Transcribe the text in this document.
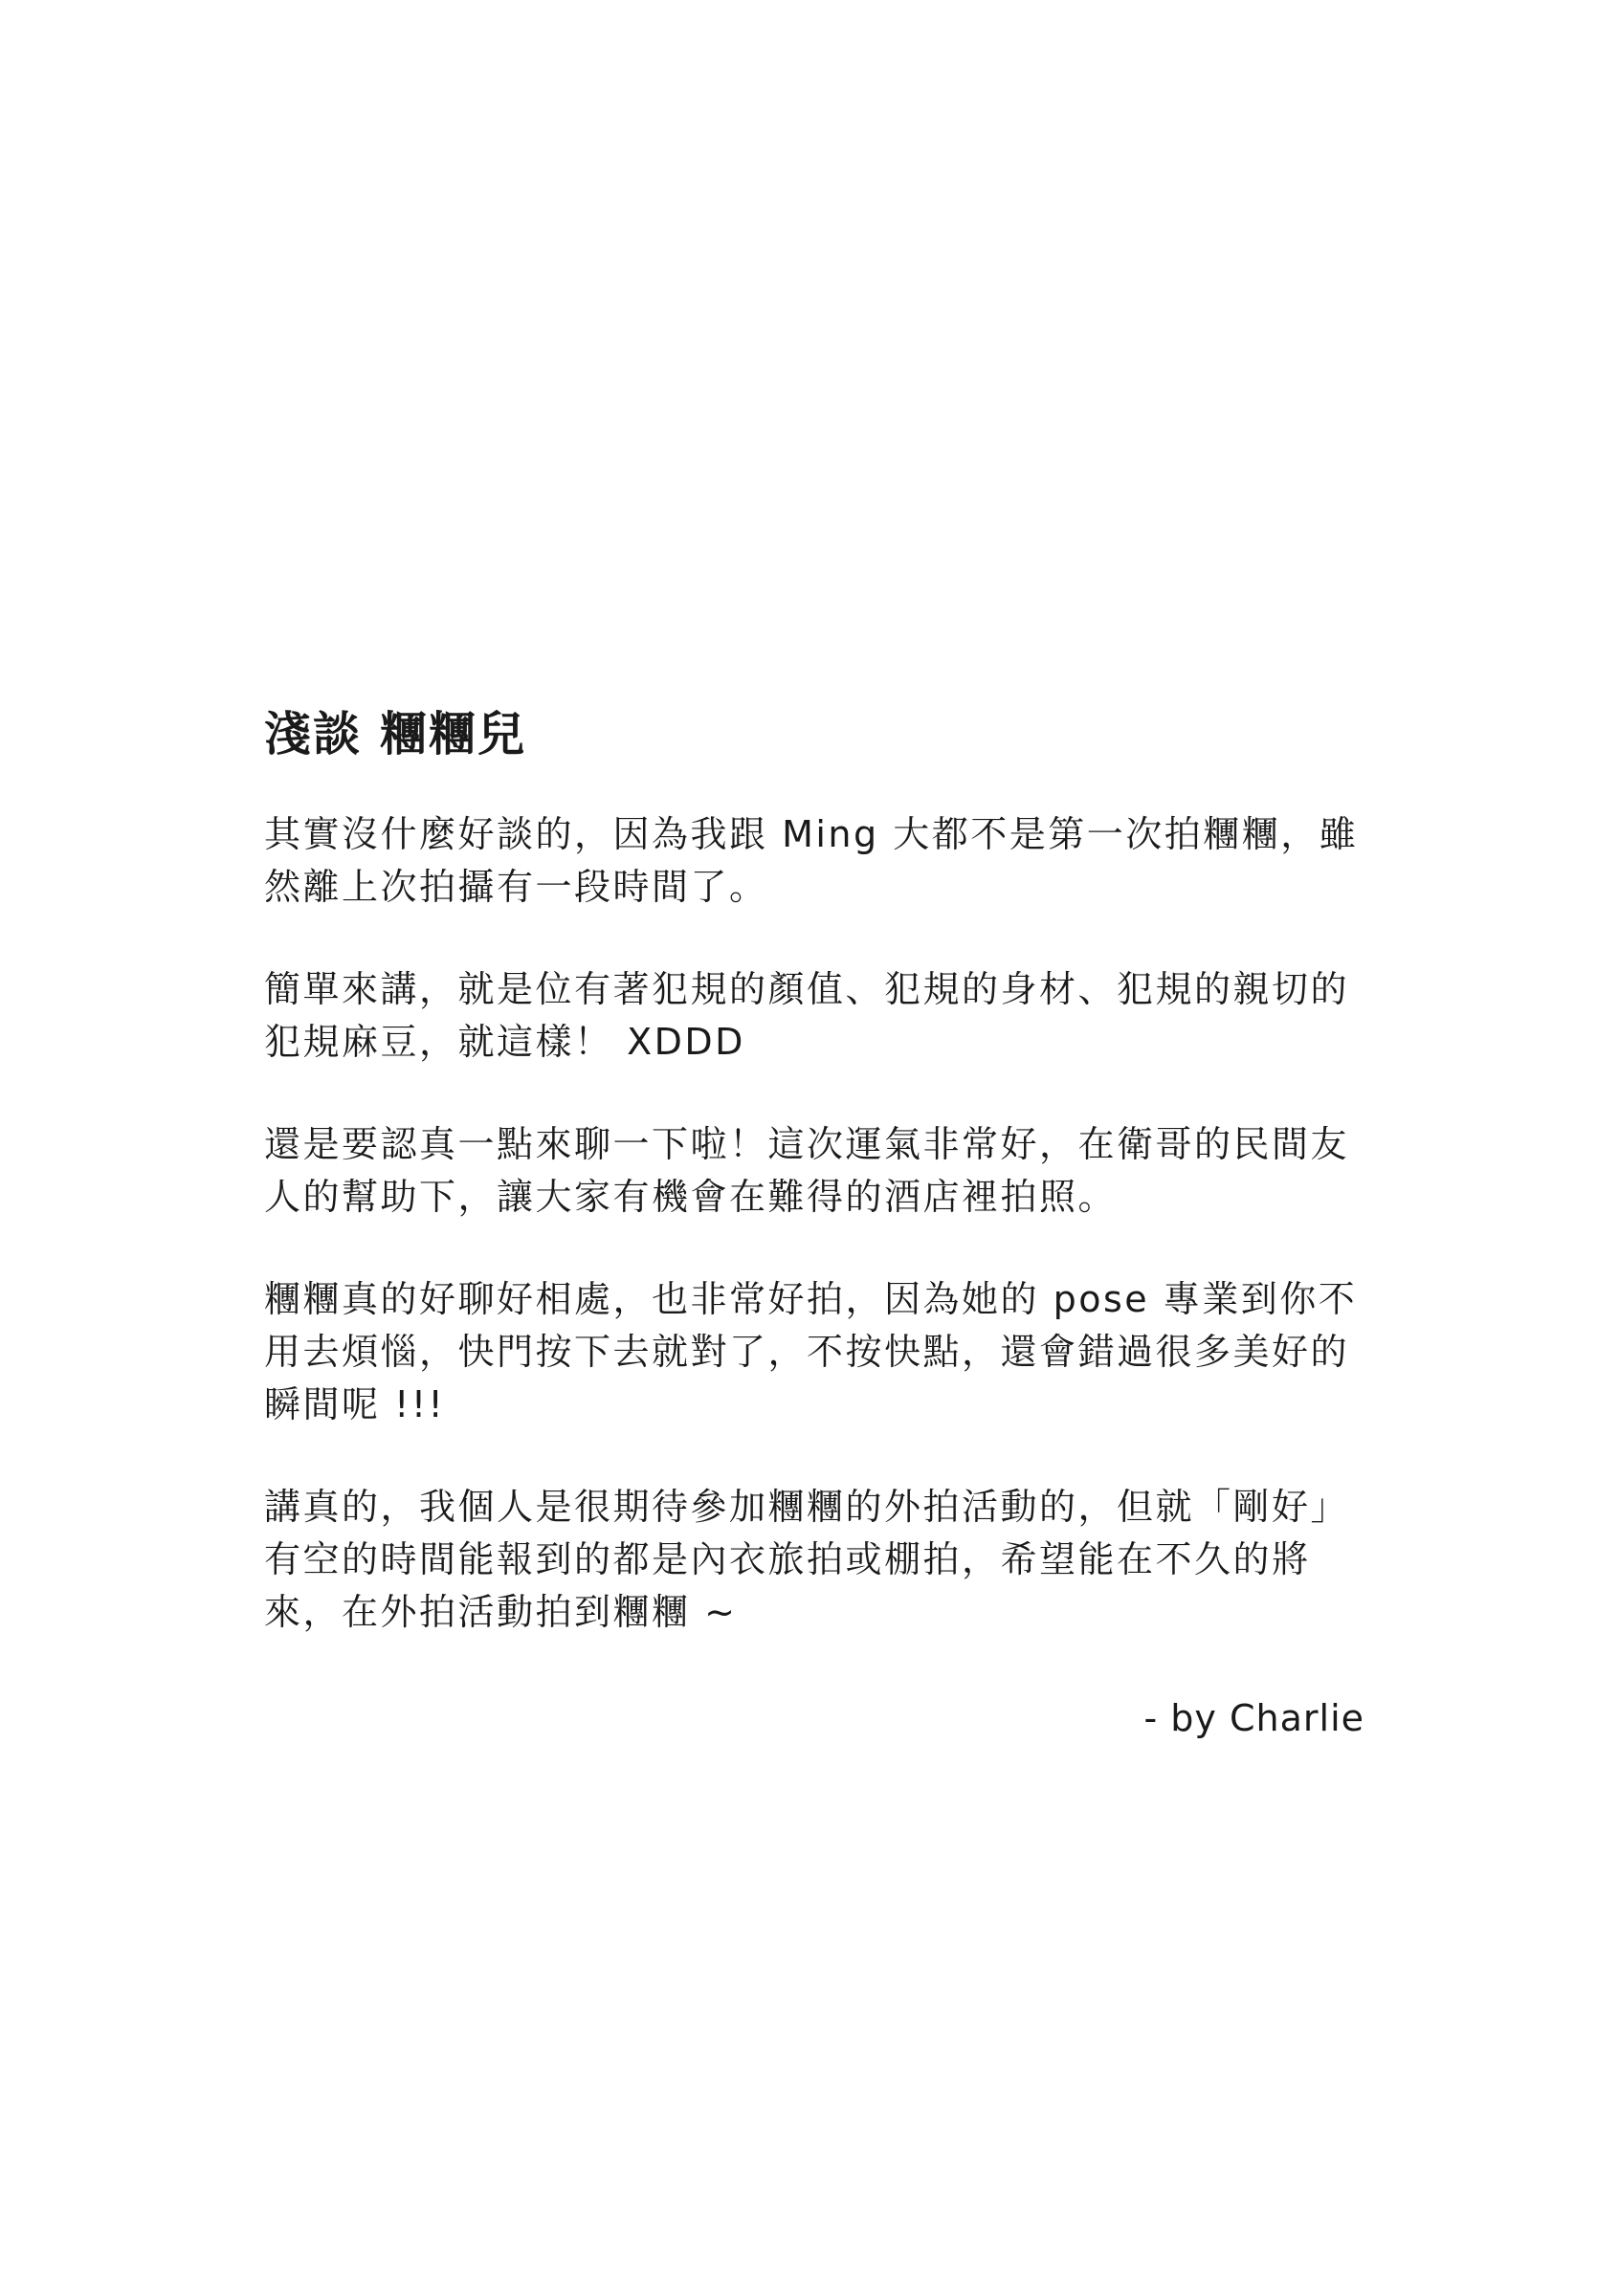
淺談 糰糰兒

其實沒什麼好談的，因為我跟 Ming 大都不是第一次拍糰糰，雖
然離上次拍攝有一段時間了。

簡單來講，就是位有著犯規的顏值、犯規的身材、犯規的親切的
犯規麻豆，就這樣！ XDDD

還是要認真一點來聊一下啦！這次運氣非常好，在衛哥的民間友
人的幫助下，讓大家有機會在難得的酒店裡拍照。

糰糰真的好聊好相處，也非常好拍，因為她的 pose 專業到你不
用去煩惱，快門按下去就對了，不按快點，還會錯過很多美好的
瞬間呢 !!!

講真的，我個人是很期待參加糰糰的外拍活動的，但就「剛好」
有空的時間能報到的都是內衣旅拍或棚拍，希望能在不久的將
來，在外拍活動拍到糰糰 ~

- by Charlie
